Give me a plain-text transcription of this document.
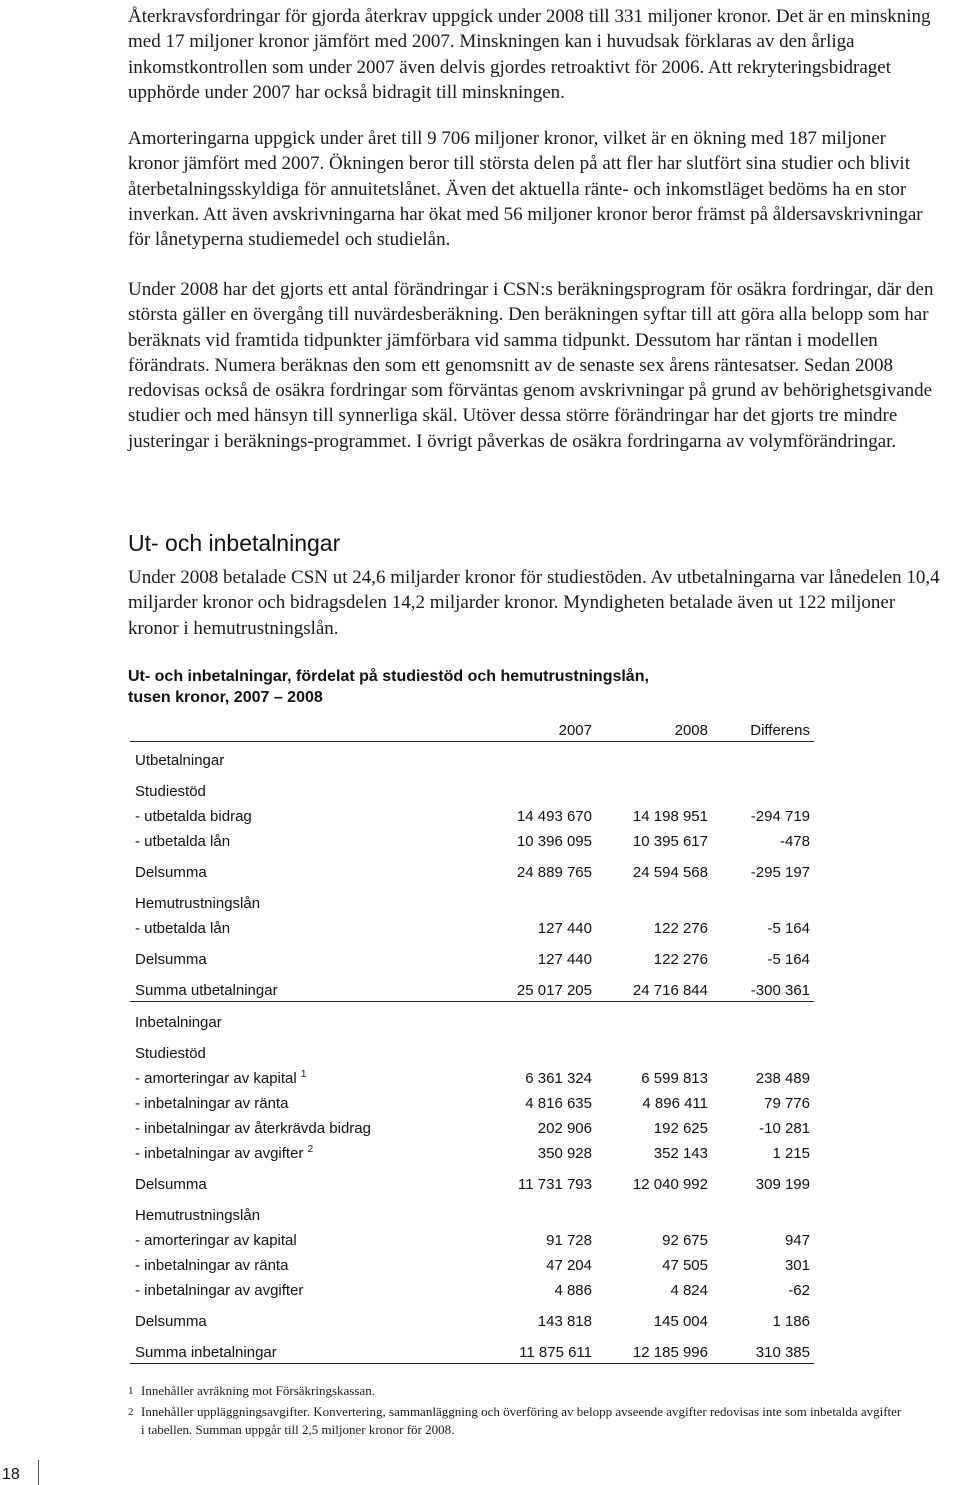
Återkravsfordringar för gjorda återkrav uppgick under 2008 till 331 miljoner kronor. Det är en minskning med 17 miljoner kronor jämfört med 2007. Minskningen kan i huvudsak förklaras av den årliga inkomstkontrollen som under 2007 även delvis gjordes retroaktivt för 2006. Att rekryteringsbidraget upphörde under 2007 har också bidragit till minskningen.

Amorteringarna uppgick under året till 9 706 miljoner kronor, vilket är en ökning med 187 miljoner kronor jämfört med 2007. Ökningen beror till största delen på att fler har slutfört sina studier och blivit återbetalningsskyldiga för annuitetslånet. Även det aktuella ränte- och inkomstläget bedöms ha en stor inverkan. Att även avskrivningarna har ökat med 56 miljoner kronor beror främst på åldersavskrivningar för lånetyperna studiemedel och studielån.

Under 2008 har det gjorts ett antal förändringar i CSN:s beräkningsprogram för osäkra fordringar, där den största gäller en övergång till nuvärdesberäkning. Den beräkningen syftar till att göra alla belopp som har beräknats vid framtida tidpunkter jämförbara vid samma tidpunkt. Dessutom har räntan i modellen förändrats. Numera beräknas den som ett genomsnitt av de senaste sex årens räntesatser. Sedan 2008 redovisas också de osäkra fordringar som förväntas genom avskrivningar på grund av behörighetsgivande studier och med hänsyn till synnerliga skäl. Utöver dessa större förändringar har det gjorts tre mindre justeringar i beräknings-programmet. I övrigt påverkas de osäkra fordringarna av volymförändringar.

Ut- och inbetalningar

Under 2008 betalade CSN ut 24,6 miljarder kronor för studiestöden. Av utbetalningarna var lånedelen 10,4 miljarder kronor och bidragsdelen 14,2 miljarder kronor. Myndigheten betalade även ut 122 miljoner kronor i hemutrustningslån.

Ut- och inbetalningar, fördelat på studiestöd och hemutrustningslån,
tusen kronor, 2007 – 2008
2007	2008	Differens
Utbetalningar
Studiestöd
- utbetalda bidrag	14 493 670	14 198 951	-294 719
- utbetalda lån	10 396 095	10 395 617	-478
Delsumma	24 889 765	24 594 568	-295 197
Hemutrustningslån
- utbetalda lån	127 440	122 276	-5 164
Delsumma	127 440	122 276	-5 164
Summa utbetalningar	25 017 205	24 716 844	-300 361
Inbetalningar
Studiestöd
- amorteringar av kapital $^1$	6 361 324	6 599 813	238 489
- inbetalningar av ränta	4 816 635	4 896 411	79 776
- inbetalningar av återkrävda bidrag	202 906	192 625	-10 281
- inbetalningar av avgifter $^2$	350 928	352 143	1 215
Delsumma	11 731 793	12 040 992	309 199
Hemutrustningslån
- amorteringar av kapital	91 728	92 675	947
- inbetalningar av ränta	47 204	47 505	301
- inbetalningar av avgifter	4 886	4 824	-62
Delsumma	143 818	145 004	1 186
Summa inbetalningar	11 875 611	12 185 996	310 385
1 Innehåller avräkning mot Försäkringskassan.
2 Innehåller uppläggningsavgifter. Konvertering, sammanläggning och överföring av belopp avseende avgifter redovisas inte som inbetalda avgifter i tabellen. Summan uppgår till 2,5 miljoner kronor för 2008.
18
